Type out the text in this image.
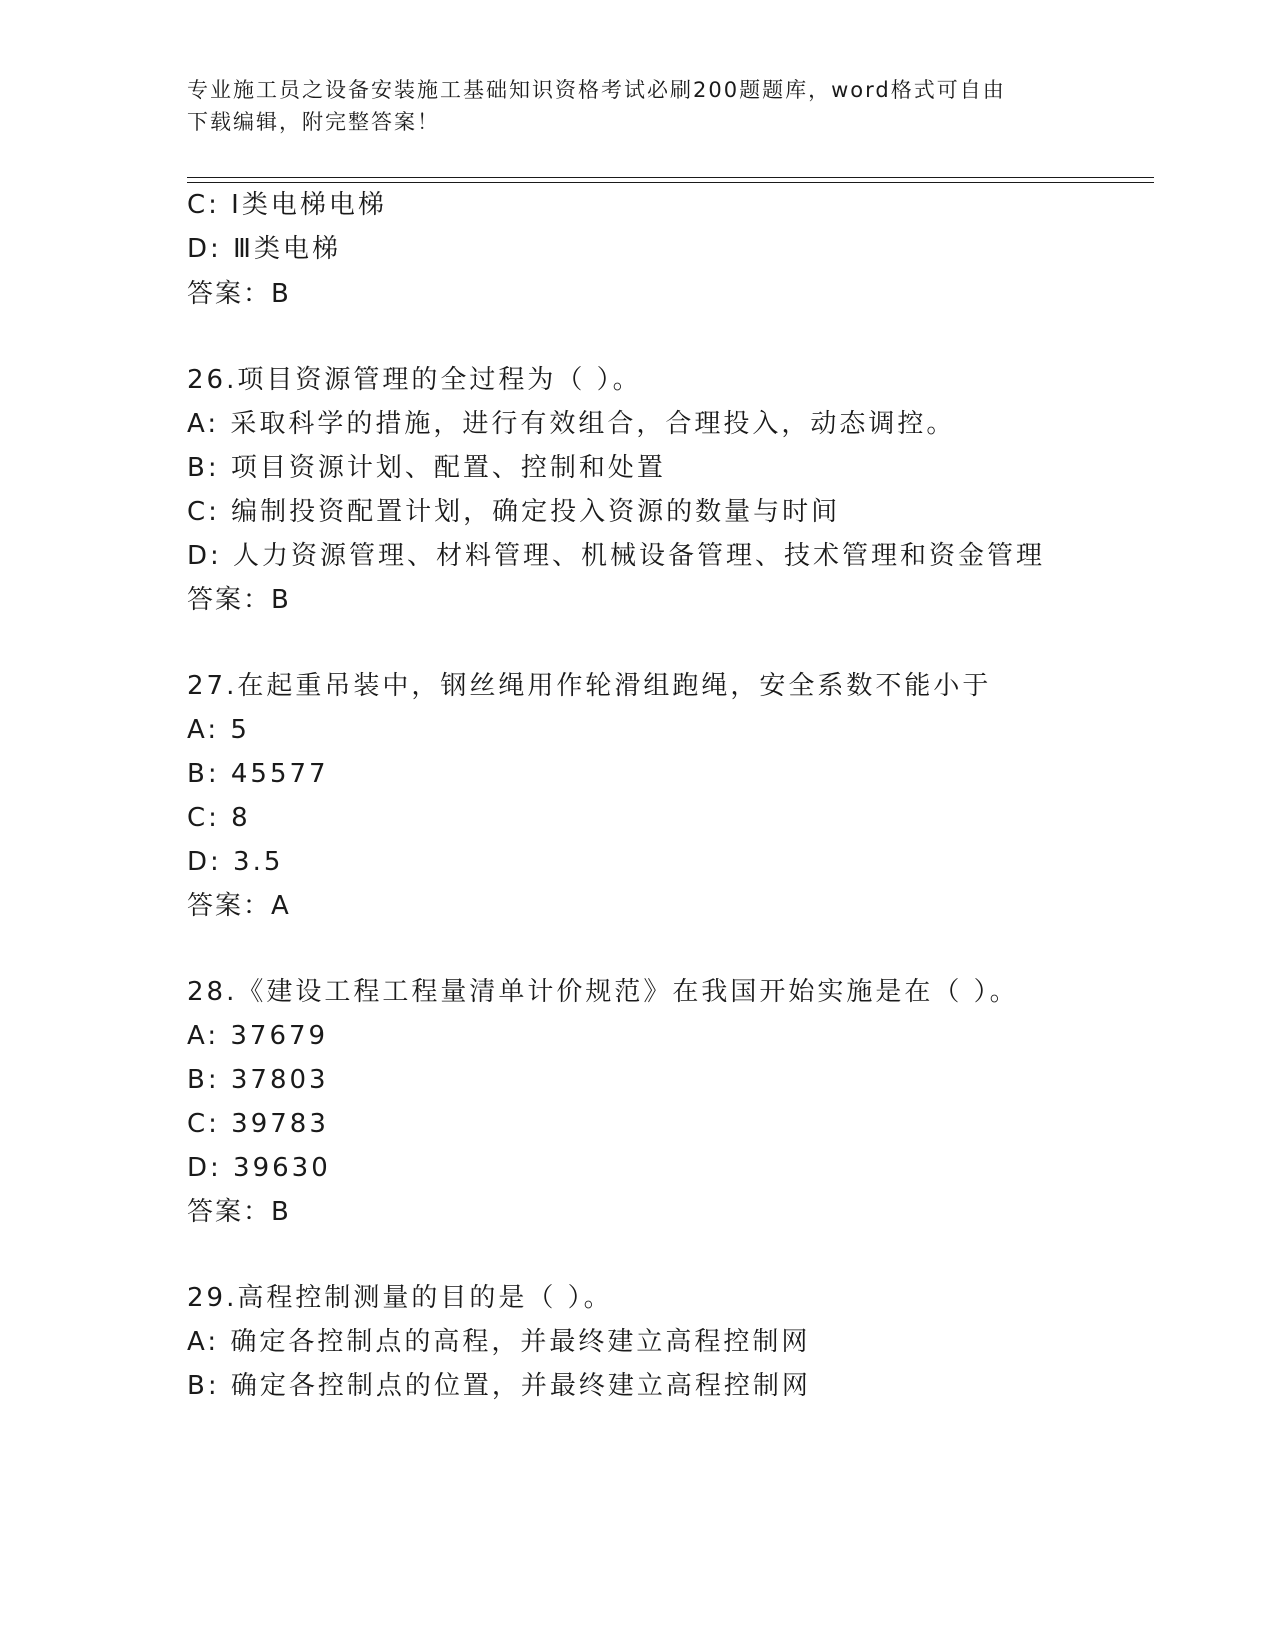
专业施工员之设备安装施工基础知识资格考试必刷200题题库，word格式可自由
下载编辑，附完整答案！
C: Ⅰ类电梯电梯
D: Ⅲ类电梯
答案：B
26.项目资源管理的全过程为（ ）。
A: 采取科学的措施，进行有效组合，合理投入，动态调控。
B: 项目资源计划、配置、控制和处置
C: 编制投资配置计划，确定投入资源的数量与时间
D: 人力资源管理、材料管理、机械设备管理、技术管理和资金管理
答案：B
27.在起重吊装中，钢丝绳用作轮滑组跑绳，安全系数不能小于
A: 5
B: 45577
C: 8
D: 3.5
答案：A
28.《建设工程工程量清单计价规范》在我国开始实施是在（ ）。
A: 37679
B: 37803
C: 39783
D: 39630
答案：B
29.高程控制测量的目的是（ ）。
A: 确定各控制点的高程，并最终建立高程控制网
B: 确定各控制点的位置，并最终建立高程控制网
